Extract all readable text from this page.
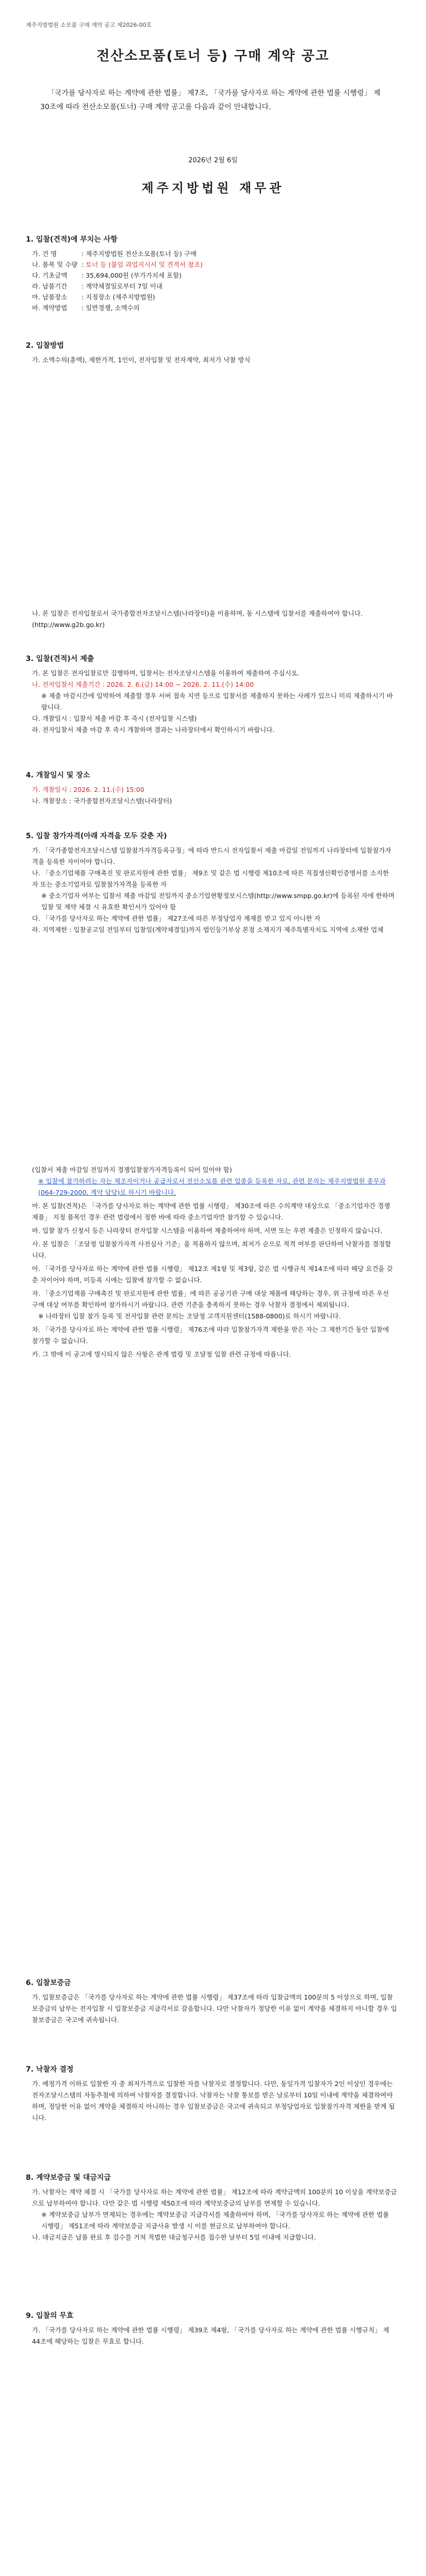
제주지방법원 소모품 구매 계약 공고 제2026-00호
전산소모품(토너 등) 구매 계약 공고
「국가를 당사자로 하는 계약에 관한 법률」 제7조, 「국가를 당사자로 하는 계약에 관한 법률 시행령」 제30조에 따라 전산소모품(토너) 구매 계약 공고를 다음과 같이 안내합니다.
2026년 2월 6일
제주지방법원 재무관
1. 입찰(견적)에 부치는 사항
가. 건 명	: 제주지방법원 전산소모품(토너 등) 구매
나. 품목 및 수량 : 토너 등 (붙임 과업지시서 및 견적서 참조)
다. 기초금액 : 35,694,000원 (부가가치세 포함)
라. 납품기간 : 계약체결일로부터 7일 이내
마. 납품장소 : 지정장소 (제주지방법원)
바. 계약방법 : 일반경쟁, 소액수의
2. 입찰방법
가. 소액수의(총액), 제한가격, 1인이, 전자입찰 및 전자계약, 최저가 낙찰 방식
나. 본 입찰은 전자입찰로서 국가종합전자조달시스템(나라장터)을 이용하며, 동 시스템에 입찰서를 제출하여야 합니다. (http://www.g2b.go.kr)
3. 입찰(견적)서 제출
가. 본 입찰은 전자입찰로만 집행하며, 입찰서는 전자조달시스템을 이용하여 제출하여 주십시오.
나. 전자입찰서 제출기간 : 2026. 2. 6.(금) 14:00 ~ 2026. 2. 11.(수) 14:00
※ 제출 마감시간에 임박하여 제출할 경우 서버 접속 지연 등으로 입찰서를 제출하지 못하는 사례가 있으니 미리 제출하시기 바랍니다.
다. 개찰일시 : 입찰서 제출 마감 후 즉시 (전자입찰 시스템)
라. 전자입찰서 제출 마감 후 즉시 개찰하며 결과는 나라장터에서 확인하시기 바랍니다.
4. 개찰일시 및 장소
가. 개찰일시 : 2026. 2. 11.(수) 15:00
나. 개찰장소 : 국가종합전자조달시스템(나라장터)
5. 입찰 참가자격(아래 자격을 모두 갖춘 자)
가. 「국가종합전자조달시스템 입찰참가자격등록규정」에 따라 반드시 전자입찰서 제출 마감일 전일까지 나라장터에 입찰참가자격을 등록한 자이어야 합니다.
나. 「중소기업제품 구매촉진 및 판로지원에 관한 법률」 제9조 및 같은 법 시행령 제10조에 따른 직접생산확인증명서를 소지한 자 또는 중소기업자로 입찰참가자격을 등록한 자
※ 중소기업자 여부는 입찰서 제출 마감일 전일까지 중소기업현황정보시스템(http://www.smpp.go.kr)에 등록된 자에 한하며 입찰 및 계약 체결 시 유효한 확인서가 있어야 함
다. 「국가를 당사자로 하는 계약에 관한 법률」 제27조에 따른 부정당업자 제재를 받고 있지 아니한 자
라. 지역제한 : 입찰공고일 전일부터 입찰일(계약체결일)까지 법인등기부상 본점 소재지가 제주특별자치도 지역에 소재한 업체
(입찰서 제출 마감일 전일까지 경쟁입찰참가자격등록이 되어 있어야 함)
※ 입찰에 참가하려는 자는 제조자이거나 공급자로서 전산소모품 관련 업종을 등록한 자로, 관련 문의는 제주지방법원 총무과(064-729-2000, 계약 담당)로 하시기 바랍니다.
마. 본 입찰(견적)은 「국가를 당사자로 하는 계약에 관한 법률 시행령」 제30조에 따른 수의계약 대상으로 「중소기업자간 경쟁제품」 지정 품목인 경우 관련 법령에서 정한 바에 따라 중소기업자만 참가할 수 있습니다.
바. 입찰 참가 신청서 등은 나라장터 전자입찰 시스템을 이용하여 제출하여야 하며, 서면 또는 우편 제출은 인정하지 않습니다.
사. 본 입찰은 「조달청 입찰참가자격 사전심사 기준」을 적용하지 않으며, 최저가 순으로 적격 여부를 판단하여 낙찰자를 결정합니다.
아. 「국가를 당사자로 하는 계약에 관한 법률 시행령」 제12조 제1항 및 제3항, 같은 법 시행규칙 제14조에 따라 해당 요건을 갖춘 자이어야 하며, 미등록 시에는 입찰에 참가할 수 없습니다.
자. 「중소기업제품 구매촉진 및 판로지원에 관한 법률」에 따른 공공기관 구매 대상 제품에 해당하는 경우, 위 규정에 따른 우선구매 대상 여부를 확인하여 참가하시기 바랍니다. 관련 기준을 충족하지 못하는 경우 낙찰자 결정에서 제외됩니다.
※ 나라장터 입찰 참가 등록 및 전자입찰 관련 문의는 조달청 고객지원센터(1588-0800)로 하시기 바랍니다.
차. 「국가를 당사자로 하는 계약에 관한 법률 시행령」 제76조에 따라 입찰참가자격 제한을 받은 자는 그 제한기간 동안 입찰에 참가할 수 없습니다.
카. 그 밖에 이 공고에 명시되지 않은 사항은 관계 법령 및 조달청 입찰 관련 규정에 따릅니다.
6. 입찰보증금
가. 입찰보증금은 「국가를 당사자로 하는 계약에 관한 법률 시행령」 제37조에 따라 입찰금액의 100분의 5 이상으로 하며, 입찰보증금의 납부는 전자입찰 시 입찰보증금 지급각서로 갈음합니다. 다만 낙찰자가 정당한 이유 없이 계약을 체결하지 아니할 경우 입찰보증금은 국고에 귀속됩니다.
7. 낙찰자 결정
가. 예정가격 이하로 입찰한 자 중 최저가격으로 입찰한 자를 낙찰자로 결정합니다. 다만, 동일가격 입찰자가 2인 이상인 경우에는 전자조달시스템의 자동추첨에 의하여 낙찰자를 결정합니다. 낙찰자는 낙찰 통보를 받은 날로부터 10일 이내에 계약을 체결하여야 하며, 정당한 이유 없이 계약을 체결하지 아니하는 경우 입찰보증금은 국고에 귀속되고 부정당업자로 입찰참가자격 제한을 받게 됩니다.
8. 계약보증금 및 대금지급
가. 낙찰자는 계약 체결 시 「국가를 당사자로 하는 계약에 관한 법률」 제12조에 따라 계약금액의 100분의 10 이상을 계약보증금으로 납부하여야 합니다. 다만 같은 법 시행령 제50조에 따라 계약보증금의 납부를 면제할 수 있습니다.
※ 계약보증금 납부가 면제되는 경우에는 계약보증금 지급각서를 제출하여야 하며, 「국가를 당사자로 하는 계약에 관한 법률 시행령」 제51조에 따라 계약보증금 지급사유 발생 시 이를 현금으로 납부하여야 합니다.
나. 대금지급은 납품 완료 후 검수를 거쳐 적법한 대금청구서를 접수한 날부터 5일 이내에 지급합니다.
9. 입찰의 무효
가. 「국가를 당사자로 하는 계약에 관한 법률 시행령」 제39조 제4항, 「국가를 당사자로 하는 계약에 관한 법률 시행규칙」 제44조에 해당하는 입찰은 무효로 합니다.
